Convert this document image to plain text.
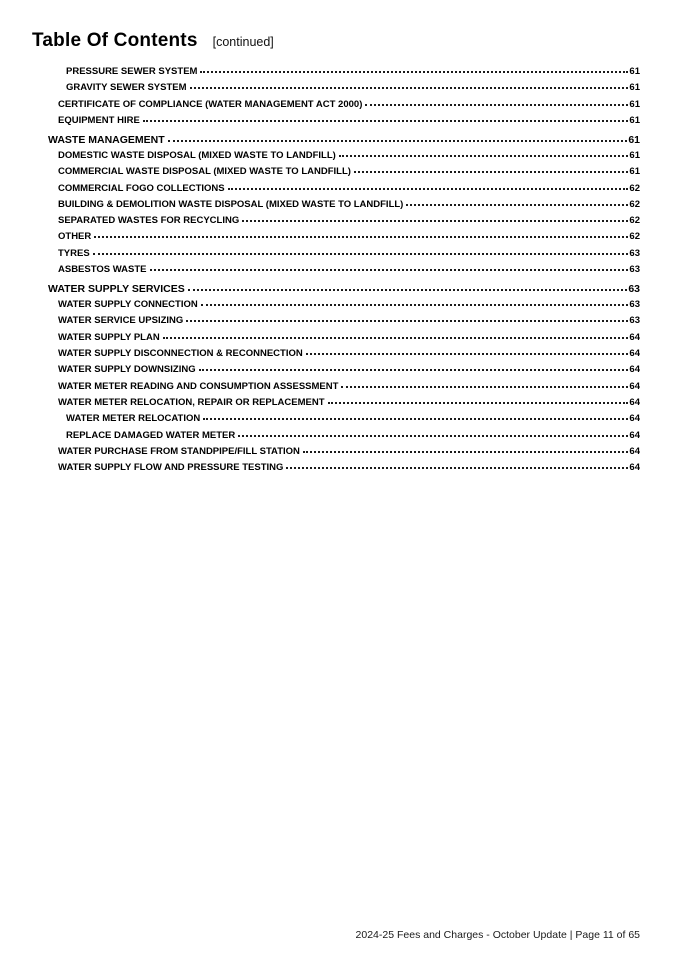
Table Of Contents [continued]
PRESSURE SEWER SYSTEM	61
GRAVITY SEWER SYSTEM	61
CERTIFICATE OF COMPLIANCE (WATER MANAGEMENT ACT 2000)	61
EQUIPMENT HIRE	61
WASTE MANAGEMENT	61
DOMESTIC WASTE DISPOSAL (MIXED WASTE TO LANDFILL)	61
COMMERCIAL WASTE DISPOSAL (MIXED WASTE TO LANDFILL)	61
COMMERCIAL FOGO COLLECTIONS	62
BUILDING & DEMOLITION WASTE DISPOSAL (MIXED WASTE TO LANDFILL)	62
SEPARATED WASTES FOR RECYCLING	62
OTHER	62
TYRES	63
ASBESTOS WASTE	63
WATER SUPPLY SERVICES	63
WATER SUPPLY CONNECTION	63
WATER SERVICE UPSIZING	63
WATER SUPPLY PLAN	64
WATER SUPPLY DISCONNECTION & RECONNECTION	64
WATER SUPPLY DOWNSIZING	64
WATER METER READING AND CONSUMPTION ASSESSMENT	64
WATER METER RELOCATION, REPAIR OR REPLACEMENT	64
WATER METER RELOCATION	64
REPLACE DAMAGED WATER METER	64
WATER PURCHASE FROM STANDPIPE/FILL STATION	64
WATER SUPPLY FLOW AND PRESSURE TESTING	64
2024-25 Fees and Charges - October Update | Page 11 of 65
